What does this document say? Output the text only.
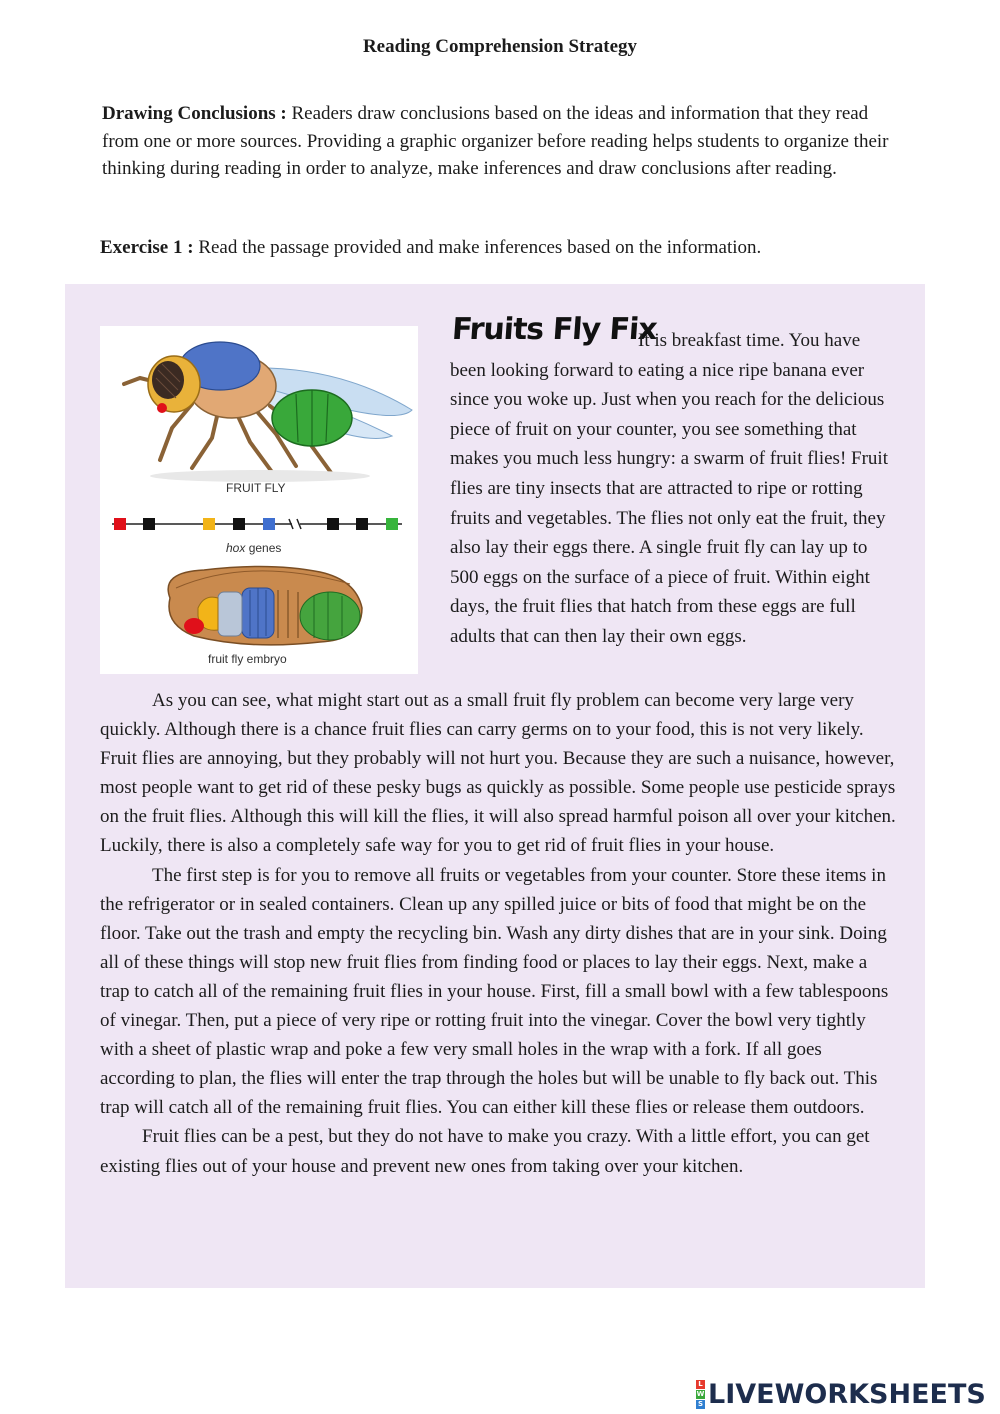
Reading Comprehension Strategy
Drawing Conclusions : Readers draw conclusions based on the ideas and information that they read from one or more sources. Providing a graphic organizer before reading helps students to organize their thinking during reading in order to analyze, make inferences and draw conclusions after reading.
Exercise 1 : Read the passage provided and make inferences based on the information.
FRUIT FLY
hox genes
fruit fly embryo
Fruits Fly Fix
It is breakfast time. You have been looking forward to eating a nice ripe banana ever since you woke up. Just when you reach for the delicious piece of fruit on your counter, you see something that makes you much less hungry: a swarm of fruit flies! Fruit flies are tiny insects that are attracted to ripe or rotting fruits and vegetables. The flies not only eat the fruit, they also lay their eggs there. A single fruit fly can lay up to 500 eggs on the surface of a piece of fruit. Within eight days, the fruit flies that hatch from these eggs are full adults that can then lay their own eggs.

As you can see, what might start out as a small fruit fly problem can become very large very quickly. Although there is a chance fruit flies can carry germs on to your food, this is not very likely. Fruit flies are annoying, but they probably will not hurt you. Because they are such a nuisance, however, most people want to get rid of these pesky bugs as quickly as possible. Some people use pesticide sprays on the fruit flies. Although this will kill the flies, it will also spread harmful poison all over your kitchen. Luckily, there is also a completely safe way for you to get rid of fruit flies in your house.

The first step is for you to remove all fruits or vegetables from your counter. Store these items in the refrigerator or in sealed containers. Clean up any spilled juice or bits of food that might be on the floor. Take out the trash and empty the recycling bin. Wash any dirty dishes that are in your sink. Doing all of these things will stop new fruit flies from finding food or places to lay their eggs. Next, make a trap to catch all of the remaining fruit flies in your house. First, fill a small bowl with a few tablespoons of vinegar. Then, put a piece of very ripe or rotting fruit into the vinegar. Cover the bowl very tightly with a sheet of plastic wrap and poke a few very small holes in the wrap with a fork. If all goes according to plan, the flies will enter the trap through the holes but will be unable to fly back out. This trap will catch all of the remaining fruit flies. You can either kill these flies or release them outdoors.

Fruit flies can be a pest, but they do not have to make you crazy. With a little effort, you can get existing flies out of your house and prevent new ones from taking over your kitchen.

L
W
S LIVEWORKSHEETS
